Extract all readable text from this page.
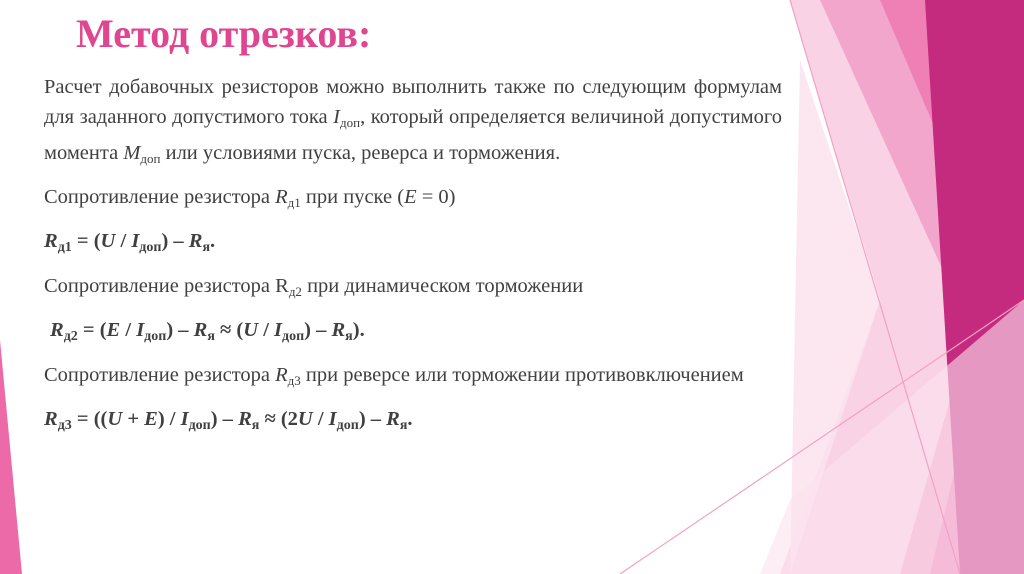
Метод отрезков:

Расчет добавочных резисторов можно выполнить также по следующим формулам для заданного допустимого тока $I_{доп}$, который определяется величиной допустимого момента $M_{доп}$ или условиями пуска, реверса и торможения.

Сопротивление резистора $R_{д1}$ при пуске (E = 0)

$R_{д1} = (U / I_{доп}) - R_я$.

Сопротивление резистора $R_{д2}$ при динамическом торможении

$R_{д2} = (E / I_{доп}) - R_я \approx (U / I_{доп}) - R_я$).

Сопротивление резистора $R_{д3}$ при реверсе или торможении противовключением

$R_{д3} = ((U + E) / I_{доп}) - R_я \approx (2U / I_{доп}) - R_я$.
